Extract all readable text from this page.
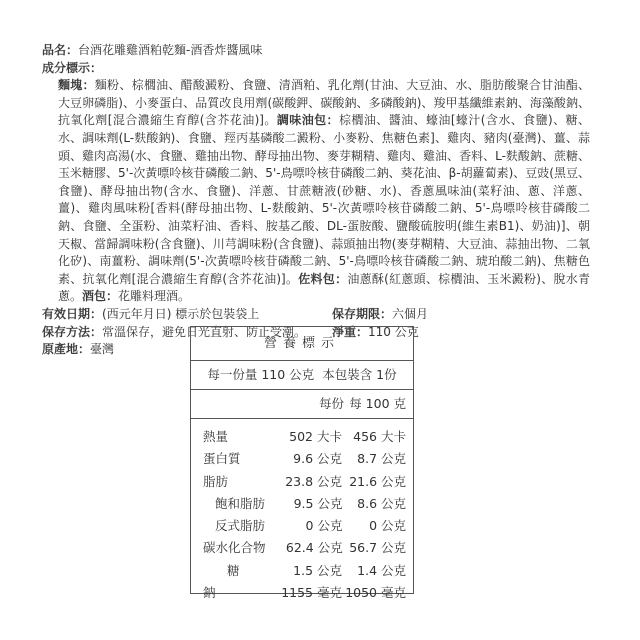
品名：台酒花雕雞酒粕乾麵-酒香炸醬風味
成分標示：

麵塊：麵粉、棕櫚油、醋酸澱粉、食鹽、清酒粕、乳化劑(甘油、大豆油、水、脂肪酸聚合甘油酯、大豆卵磷脂)、小麥蛋白、品質改良用劑(碳酸鉀、碳酸鈉、多磷酸鈉)、羧甲基纖維素鈉、海藻酸鈉、抗氧化劑[混合濃縮生育醇(含芥花油)]。調味油包：棕櫚油、醬油、蠔油[蠔汁(含水、食鹽)、糖、水、調味劑(L-麩酸鈉)、食鹽、羥丙基磷酸二澱粉、小麥粉、焦糖色素]、雞肉、豬肉(臺灣)、薑、蒜頭、雞肉高湯(水、食鹽、雞抽出物、酵母抽出物、麥芽糊精、雞肉、雞油、香料、L-麩酸鈉、蔗糖、玉米糖膠、5'-次黃嘌呤核苷磷酸二鈉、5'-鳥嘌呤核苷磷酸二鈉、葵花油、β-胡蘿蔔素)、豆豉(黑豆、食鹽)、酵母抽出物(含水、食鹽)、洋蔥、甘蔗糖液(砂糖、水)、香蔥風味油(菜籽油、蔥、洋蔥、薑)、雞肉風味粉[香料(酵母抽出物、L-麩酸鈉、5'-次黃嘌呤核苷磷酸二鈉、5'-鳥嘌呤核苷磷酸二鈉、食鹽、全蛋粉、油菜籽油、香料、胺基乙酸、DL-蛋胺酸、鹽酸硫胺明(維生素B1)、奶油)]、朝天椒、當歸調味粉(含食鹽)、川芎調味粉(含食鹽)、蒜頭抽出物(麥芽糊精、大豆油、蒜抽出物、二氧化矽)、南薑粉、調味劑(5'-次黃嘌呤核苷磷酸二鈉、5'-鳥嘌呤核苷磷酸二鈉、琥珀酸二鈉)、焦糖色素、抗氧化劑[混合濃縮生育醇(含芥花油)]。佐料包：油蔥酥(紅蔥頭、棕櫚油、玉米澱粉)、脫水青蔥。酒包：花雕料理酒。

有效日期：(西元年月日) 標示於包裝袋上	保存期限：六個月
保存方法：常溫保存，避免日光直射、防止受潮。	淨重：110 公克
原產地：臺灣	營養標示
每一份量 110 公克 本包裝含 1份
每份 每 100 克
熱量	502 大卡 456 大卡
蛋白質	9.6 公克	8.7 公克
脂肪	23.8 公克 21.6 公克
飽和脂肪	9.5 公克	8.6 公克
反式脂肪	0 公克	0 公克
碳水化合物	62.4 公克 56.7 公克
糖	1.5 公克	1.4 公克
鈉	1155 毫克 1050 毫克
